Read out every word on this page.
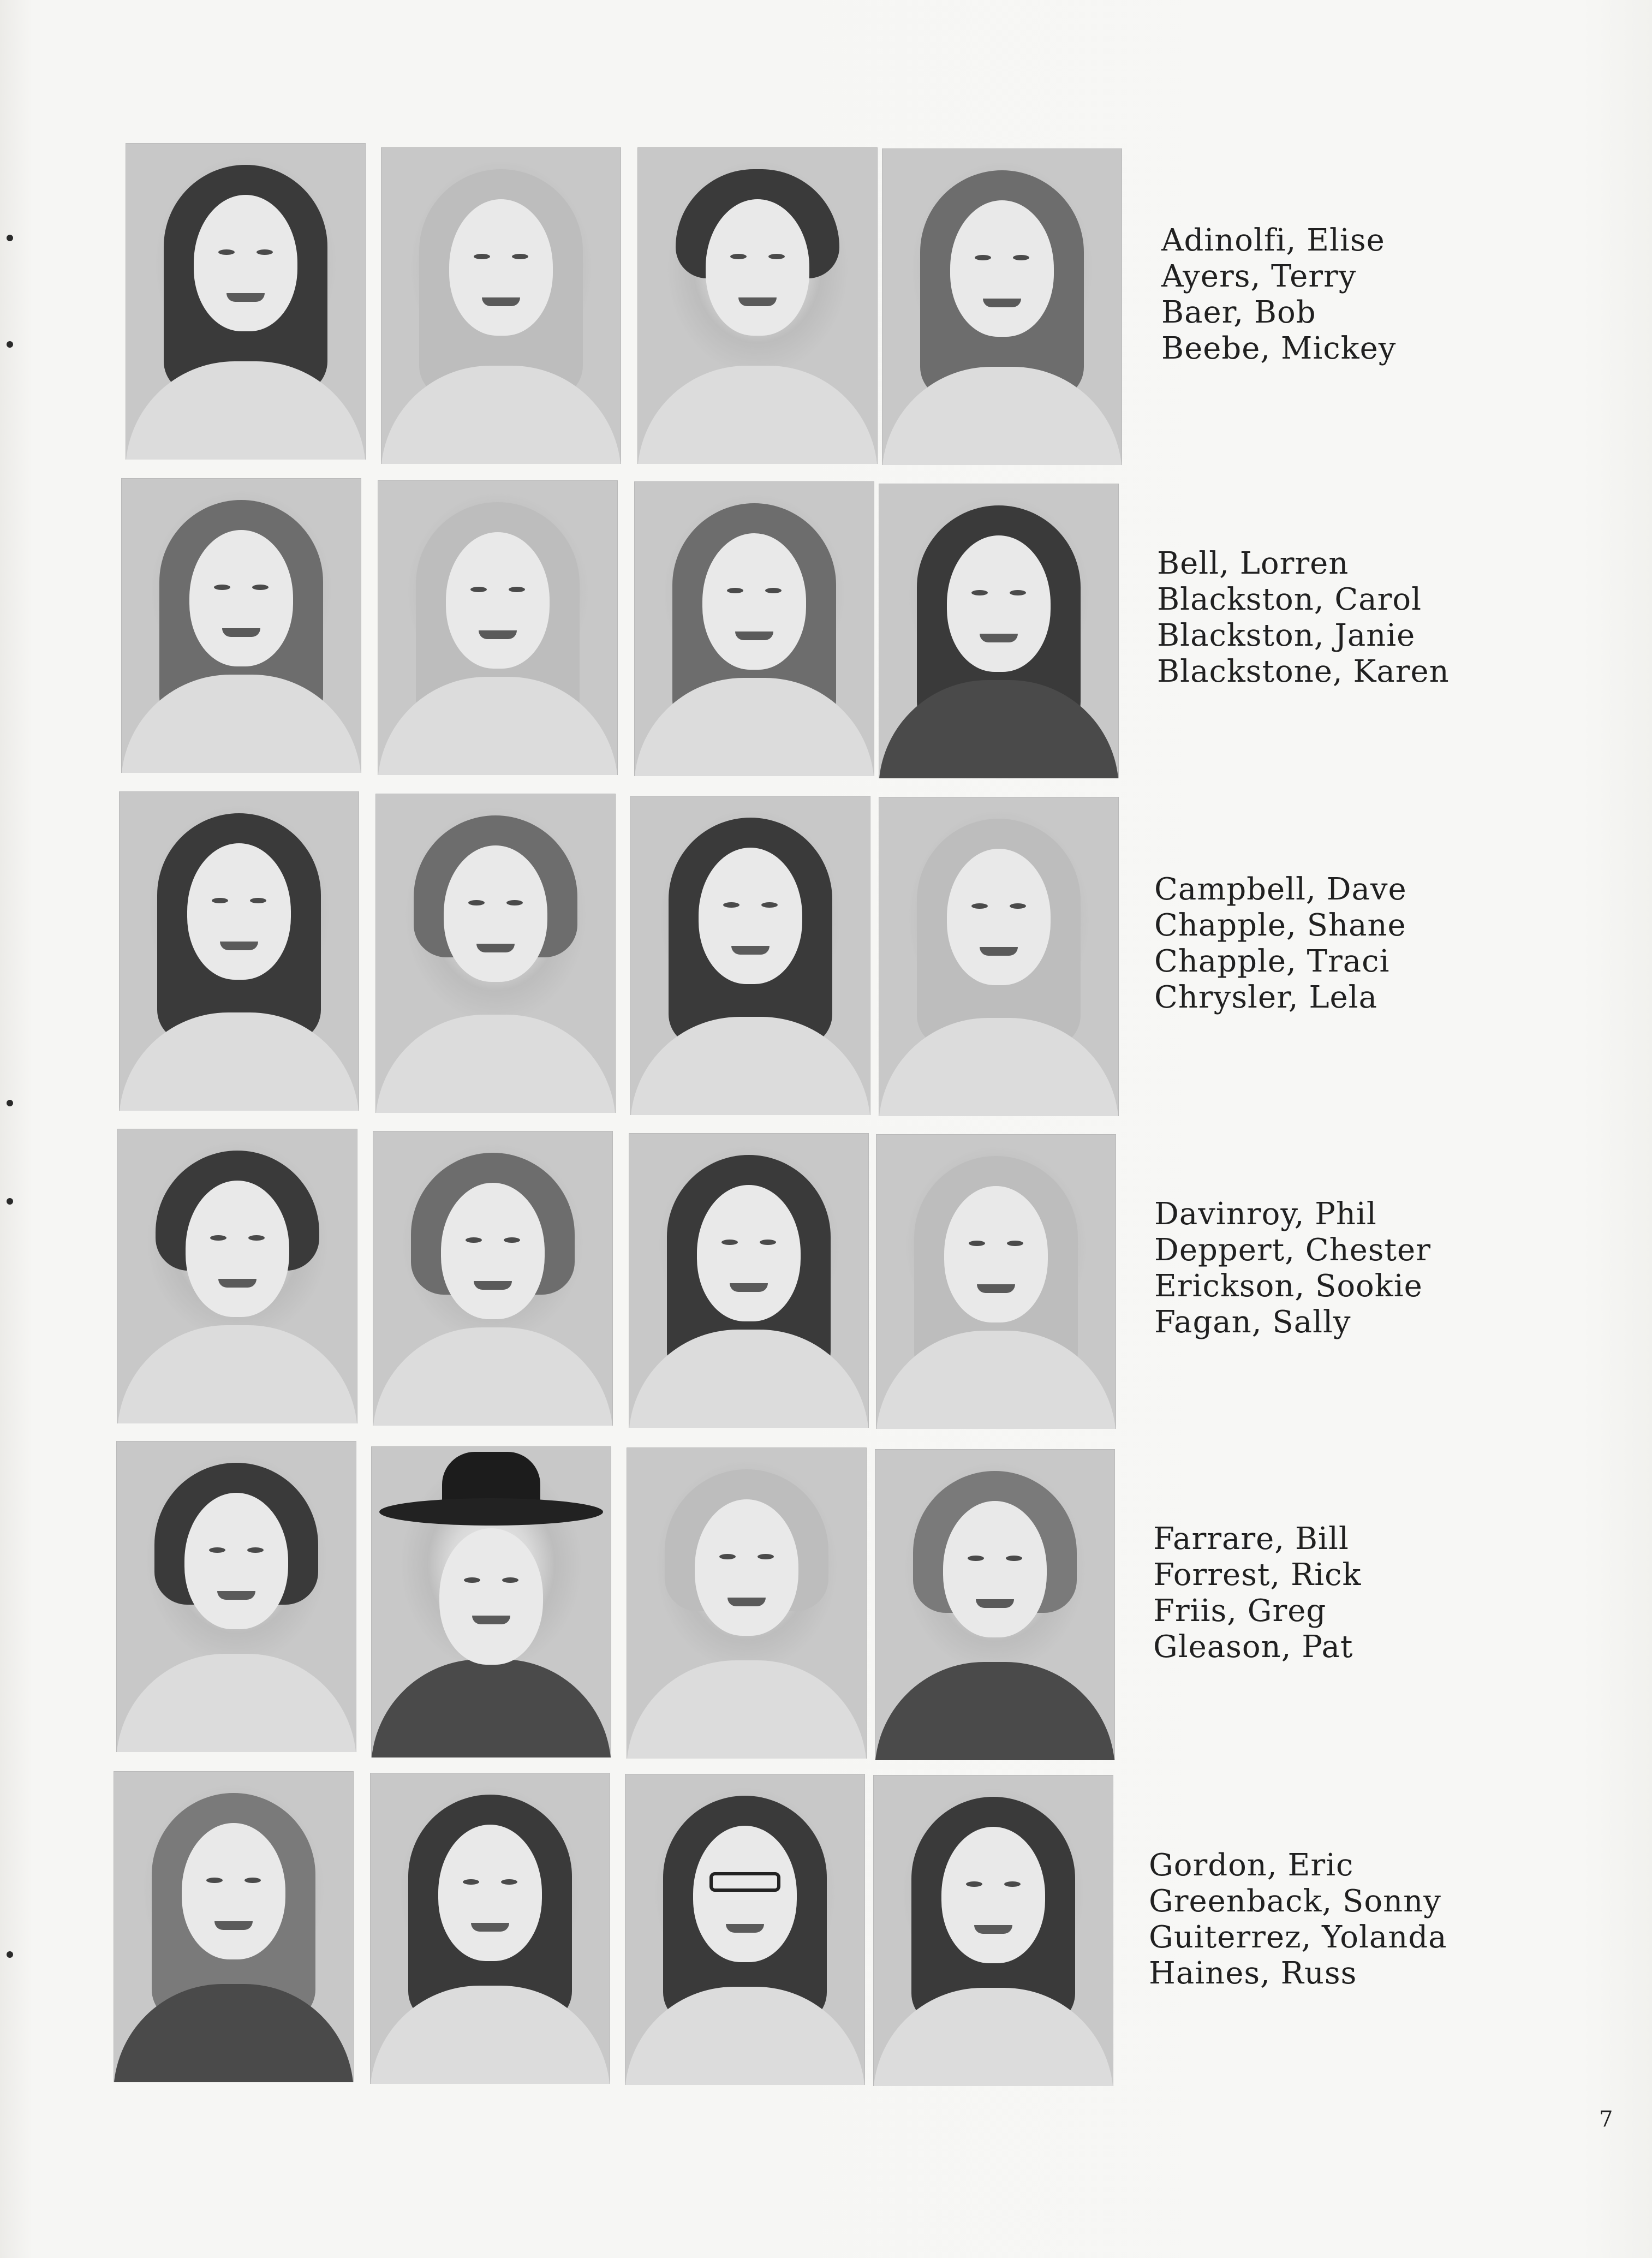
Adinolfi, Elise
Ayers, Terry
Baer, Bob
Beebe, Mickey
Bell, Lorren
Blackston, Carol
Blackston, Janie
Blackstone, Karen
Campbell, Dave
Chapple, Shane
Chapple, Traci
Chrysler, Lela
Davinroy, Phil
Deppert, Chester
Erickson, Sookie
Fagan, Sally
Farrare, Bill
Forrest, Rick
Friis, Greg
Gleason, Pat
Gordon, Eric
Greenback, Sonny
Guiterrez, Yolanda
Haines, Russ
7
